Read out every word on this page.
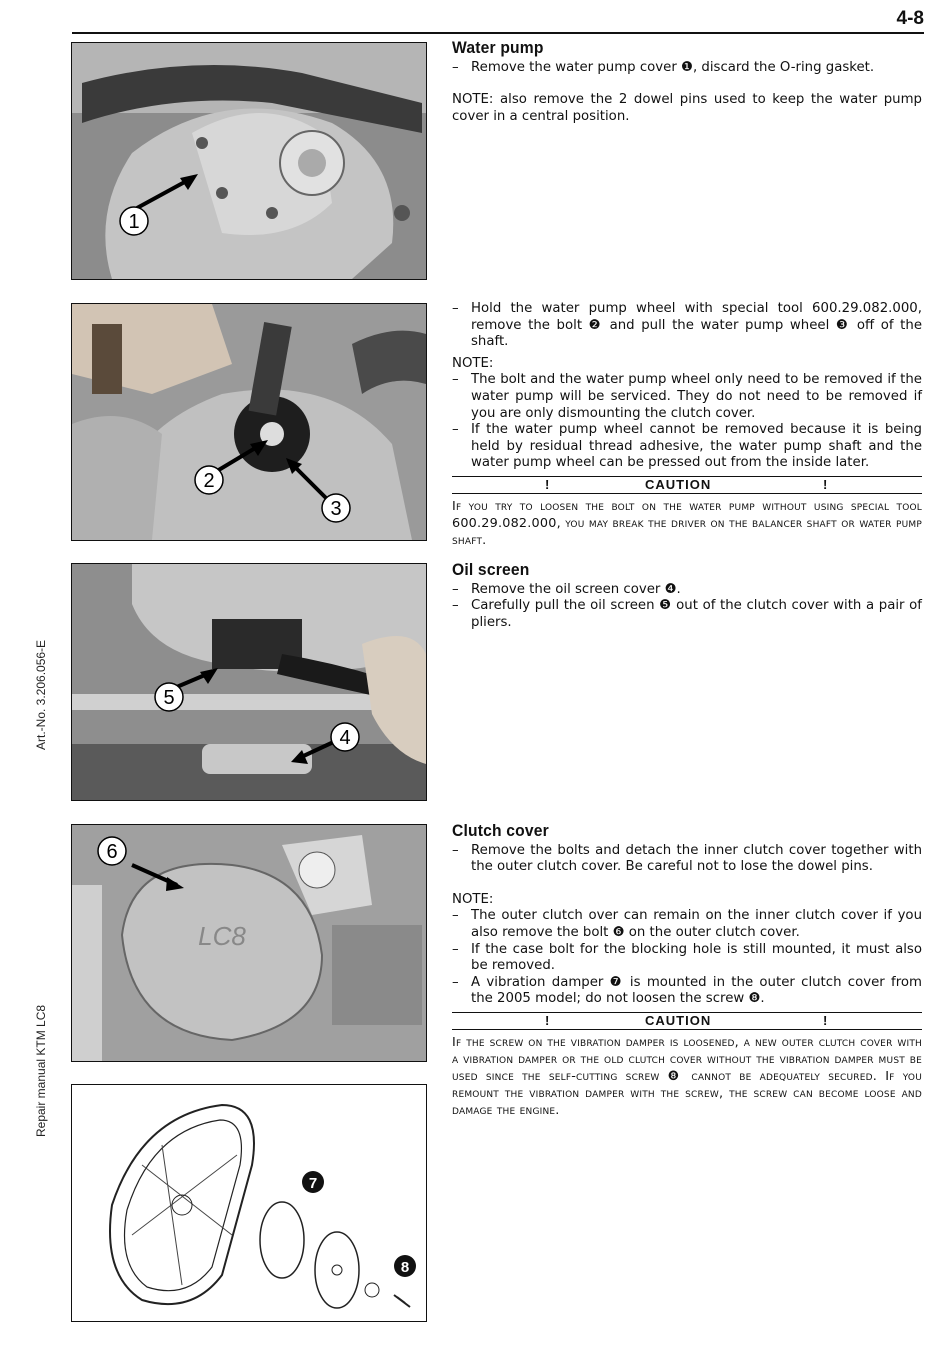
4-8
Art.-No. 3.206.056-E
Repair manual KTM LC8
1
2
3
5
4
LC8
6
7
8
Water pump

– Remove the water pump cover ❶, discard the O-ring gasket.

NOTE: also remove the 2 dowel pins used to keep the water pump cover in a central position.

– Hold the water pump wheel with special tool 600.29.082.000, remove the bolt ❷ and pull the water pump wheel ❸ off of the shaft.

NOTE:

– The bolt and the water pump wheel only need to be removed if the water pump will be serviced. They do not need to be removed if you are only dismounting the clutch cover.

– If the water pump wheel cannot be removed because it is being held by residual thread adhesive, the water pump shaft and the water pump wheel can be pressed out from the inside later.

!	CAUTION	!

If you try to loosen the bolt on the water pump without using special tool 600.29.082.000, you may break the driver on the balancer shaft or water pump shaft.

Oil screen

– Remove the oil screen cover ❹.

– Carefully pull the oil screen ❺ out of the clutch cover with a pair of pliers.

Clutch cover

– Remove the bolts and detach the inner clutch cover together with the outer clutch cover. Be careful not to lose the dowel pins.

NOTE:

– The outer clutch over can remain on the inner clutch cover if you also remove the bolt ❻ on the outer clutch cover.

– If the case bolt for the blocking hole is still mounted, it must also be removed.

– A vibration damper ❼ is mounted in the outer clutch cover from the 2005 model; do not loosen the screw ❽.

!	CAUTION	!

If the screw on the vibration damper is loosened, a new outer clutch cover with a vibration damper or the old clutch cover without the vibration damper must be used since the self-cutting screw ❽ cannot be adequately secured. If you remount the vibration damper with the screw, the screw can become loose and damage the engine.
